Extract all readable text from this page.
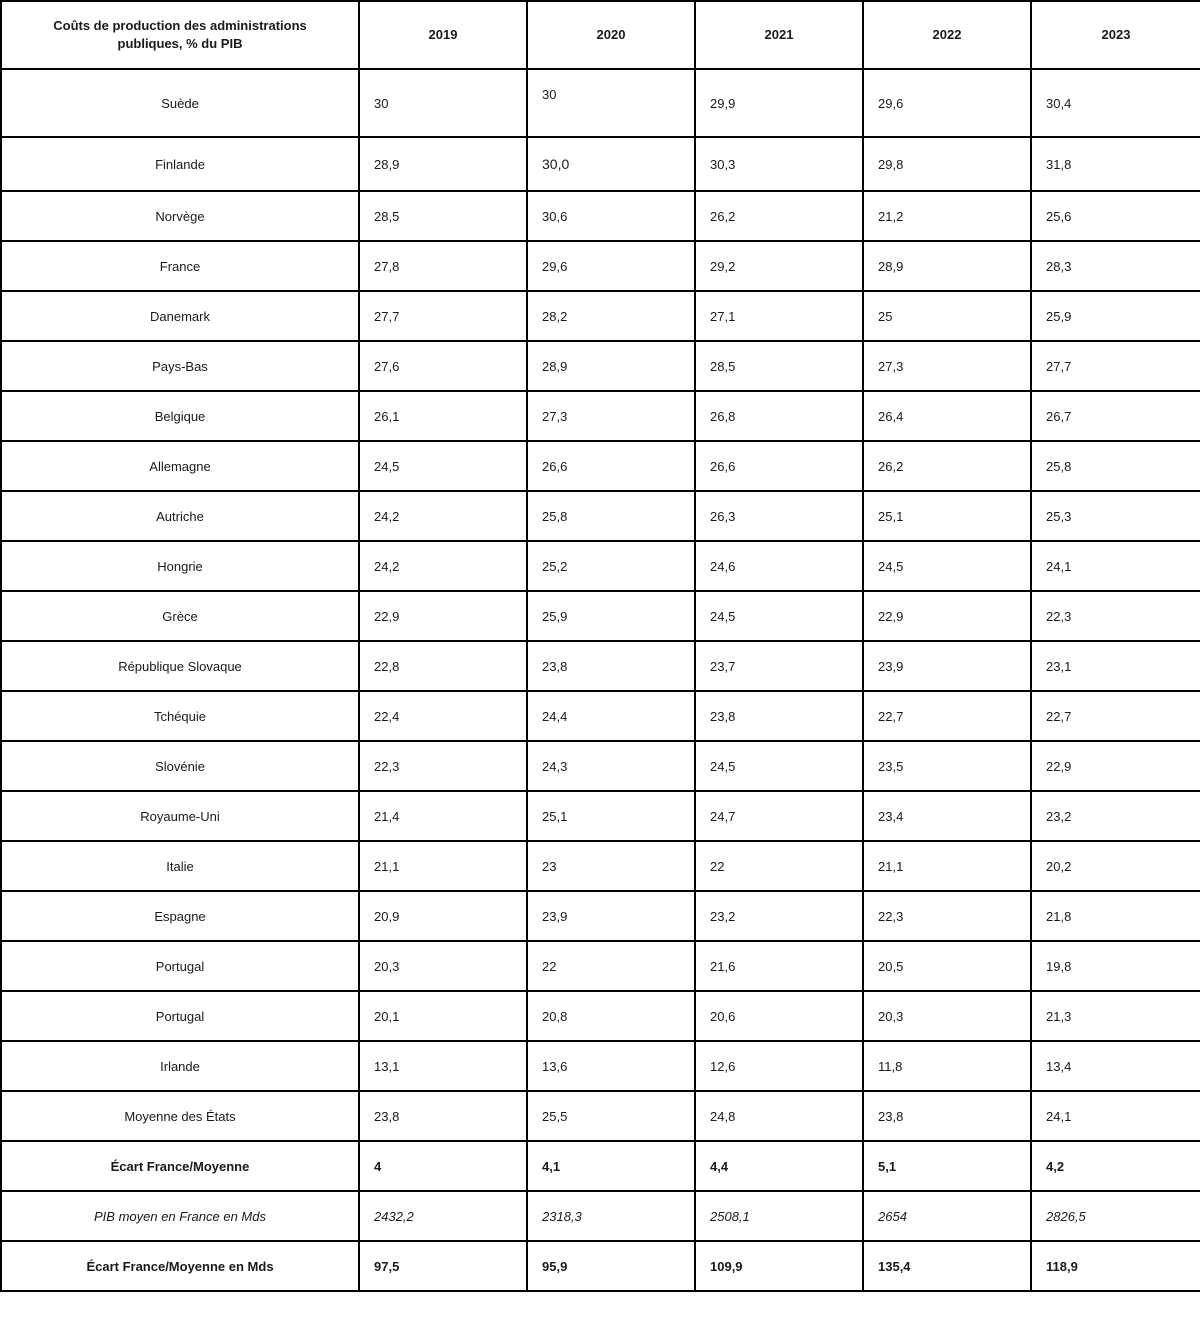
Coûts de production des administrations publiques, % du PIB	2019	2020	2021	2022	2023
Suède	30	30	29,9	29,6	30,4
Finlande	28,9	30,0	30,3	29,8	31,8
Norvège	28,5	30,6	26,2	21,2	25,6
France	27,8	29,6	29,2	28,9	28,3
Danemark	27,7	28,2	27,1	25	25,9
Pays-Bas	27,6	28,9	28,5	27,3	27,7
Belgique	26,1	27,3	26,8	26,4	26,7
Allemagne	24,5	26,6	26,6	26,2	25,8
Autriche	24,2	25,8	26,3	25,1	25,3
Hongrie	24,2	25,2	24,6	24,5	24,1
Grèce	22,9	25,9	24,5	22,9	22,3
République Slovaque	22,8	23,8	23,7	23,9	23,1
Tchéquie	22,4	24,4	23,8	22,7	22,7
Slovénie	22,3	24,3	24,5	23,5	22,9
Royaume-Uni	21,4	25,1	24,7	23,4	23,2
Italie	21,1	23	22	21,1	20,2
Espagne	20,9	23,9	23,2	22,3	21,8
Portugal	20,3	22	21,6	20,5	19,8
Portugal	20,1	20,8	20,6	20,3	21,3
Irlande	13,1	13,6	12,6	11,8	13,4
Moyenne des États	23,8	25,5	24,8	23,8	24,1
Écart France/Moyenne	4	4,1	4,4	5,1	4,2
PIB moyen en France en Mds	2432,2	2318,3	2508,1	2654	2826,5
Écart France/Moyenne en Mds	97,5	95,9	109,9	135,4	118,9
